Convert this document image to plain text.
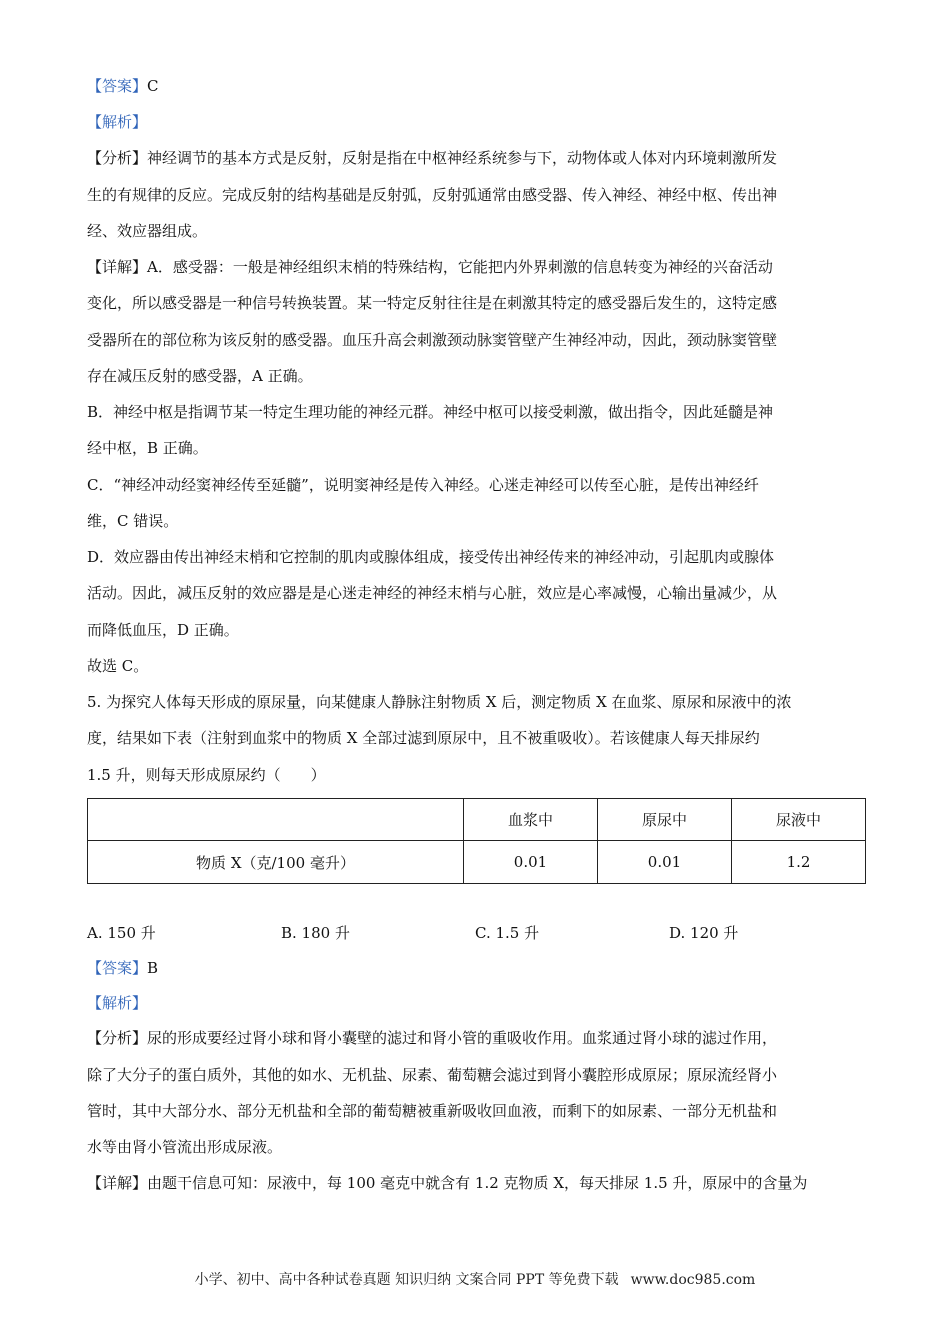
【答案】C
【解析】
【分析】神经调节的基本方式是反射，反射是指在中枢神经系统参与下，动物体或人体对内环境刺激所发
生的有规律的反应。完成反射的结构基础是反射弧，反射弧通常由感受器、传入神经、神经中枢、传出神
经、效应器组成。
【详解】A．感受器：一般是神经组织末梢的特殊结构，它能把内外界刺激的信息转变为神经的兴奋活动
变化，所以感受器是一种信号转换装置。某一特定反射往往是在刺激其特定的感受器后发生的，这特定感
受器所在的部位称为该反射的感受器。血压升高会刺激颈动脉窦管壁产生神经冲动，因此，颈动脉窦管壁
存在减压反射的感受器，A 正确。
B．神经中枢是指调节某一特定生理功能的神经元群。神经中枢可以接受刺激，做出指令，因此延髓是神
经中枢，B 正确。
C．“神经冲动经窦神经传至延髓”，说明窦神经是传入神经。心迷走神经可以传至心脏，是传出神经纤
维，C 错误。
D．效应器由传出神经末梢和它控制的肌肉或腺体组成，接受传出神经传来的神经冲动，引起肌肉或腺体
活动。因此，减压反射的效应器是是心迷走神经的神经末梢与心脏，效应是心率减慢，心输出量减少，从
而降低血压，D 正确。
故选 C。
5. 为探究人体每天形成的原尿量，向某健康人静脉注射物质 X 后，测定物质 X 在血浆、原尿和尿液中的浓
度，结果如下表（注射到血浆中的物质 X 全部过滤到原尿中，且不被重吸收）。若该健康人每天排尿约
1.5 升，则每天形成原尿约（　　）
	血浆中	原尿中	尿液中
物质 X（克/100 毫升）	0.01	0.01	1.2
A. 150 升	B. 180 升	C. 1.5 升	D. 120 升
【答案】B
【解析】
【分析】尿的形成要经过肾小球和肾小囊壁的滤过和肾小管的重吸收作用。血浆通过肾小球的滤过作用，
除了大分子的蛋白质外，其他的如水、无机盐、尿素、葡萄糖会滤过到肾小囊腔形成原尿；原尿流经肾小
管时，其中大部分水、部分无机盐和全部的葡萄糖被重新吸收回血液，而剩下的如尿素、一部分无机盐和
水等由肾小管流出形成尿液。
【详解】由题干信息可知：尿液中，每 100 毫克中就含有 1.2 克物质 X，每天排尿 1.5 升，原尿中的含量为
小学、初中、高中各种试卷真题 知识归纳 文案合同 PPT 等免费下载 www.doc985.com
